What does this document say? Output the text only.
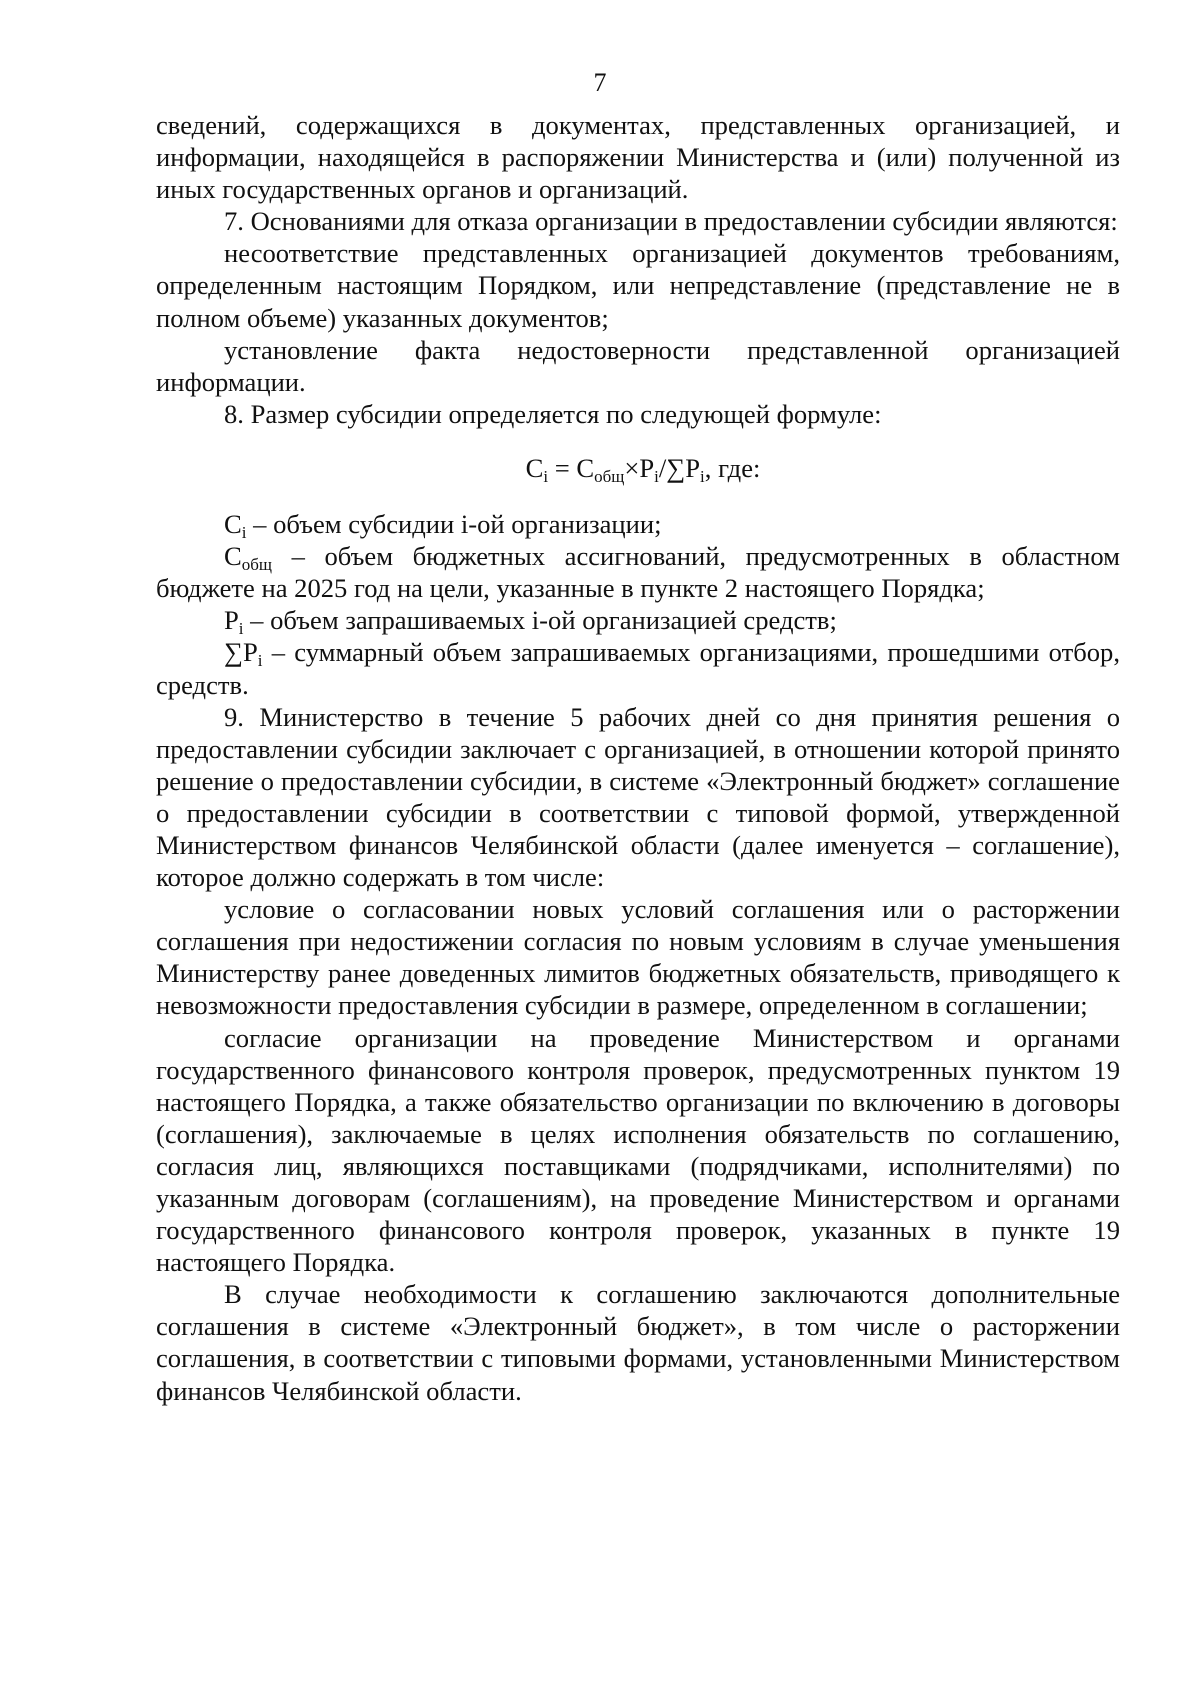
7

сведений, содержащихся в документах, представленных организацией, и информации, находящейся в распоряжении Министерства и (или) полученной из иных государственных органов и организаций.

7. Основаниями для отказа организации в предоставлении субсидии являются:

несоответствие представленных организацией документов требованиям, определенным настоящим Порядком, или непредставление (представление не в полном объеме) указанных документов;

установление факта недостоверности представленной организацией информации.

8. Размер субсидии определяется по следующей формуле:

$C_i = C_{общ}\times P_i/\sum P_i$, где:

$C_i$ – объем субсидии i-ой организации;

$C_{общ}$ – объем бюджетных ассигнований, предусмотренных в областном бюджете на 2025 год на цели, указанные в пункте 2 настоящего Порядка;

$P_i$ – объем запрашиваемых i-ой организацией средств;

$\sum P_i$ – суммарный объем запрашиваемых организациями, прошедшими отбор, средств.

9. Министерство в течение 5 рабочих дней со дня принятия решения о предоставлении субсидии заключает с организацией, в отношении которой принято решение о предоставлении субсидии, в системе «Электронный бюджет» соглашение о предоставлении субсидии в соответствии с типовой формой, утвержденной Министерством финансов Челябинской области (далее именуется – соглашение), которое должно содержать в том числе:

условие о согласовании новых условий соглашения или о расторжении соглашения при недостижении согласия по новым условиям в случае уменьшения Министерству ранее доведенных лимитов бюджетных обязательств, приводящего к невозможности предоставления субсидии в размере, определенном в соглашении;

согласие организации на проведение Министерством и органами государственного финансового контроля проверок, предусмотренных пунктом 19 настоящего Порядка, а также обязательство организации по включению в договоры (соглашения), заключаемые в целях исполнения обязательств по соглашению, согласия лиц, являющихся поставщиками (подрядчиками, исполнителями) по указанным договорам (соглашениям), на проведение Министерством и органами государственного финансового контроля проверок, указанных в пункте 19 настоящего Порядка.

В случае необходимости к соглашению заключаются дополнительные соглашения в системе «Электронный бюджет», в том числе о расторжении соглашения, в соответствии с типовыми формами, установленными Министерством финансов Челябинской области.
